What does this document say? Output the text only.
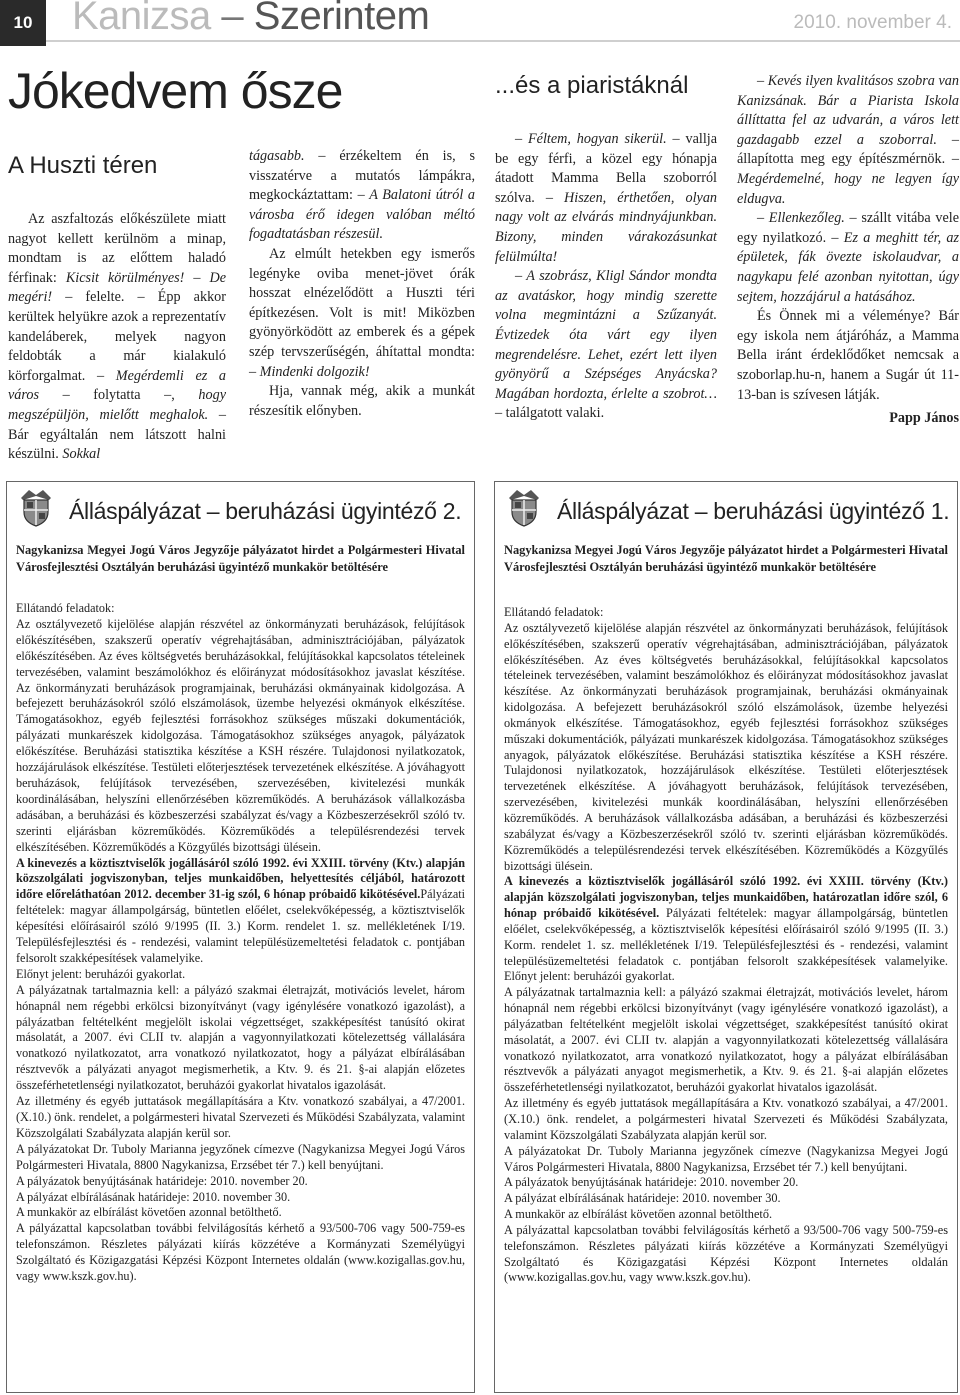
10 Kanizsa – Szerintem	2010. november 4.
Jókedvem ősze
A Huszti téren
...és a piaristáknál

Az aszfaltozás előkészülete miatt nagyot kellett kerülnöm a minap, mondtam is az előttem haladó férfinak: Kicsit körülményes! – De megéri! – felelte. – Épp akkor kerültek helyükre azok a reprezentatív kandeláberek, melyek nagyon feldobták a már kialakuló körforgalmat. – Megérdemli ez a város – folytatta –, hogy megszépüljön, mielőtt meghalok. – Bár egyáltalán nem látszott halni készülni. Sokkal

tágasabb. – érzékeltem én is, s visszatérve a mutatós lámpákra, megkockáztattam: – A Balatoni útról a városba érő idegen valóban méltó fogadtatásban részesül.

Az elmúlt hetekben egy ismerős legényke oviba menet-jövet órák hosszat elnézelődött a Huszti téri építkezésen. Volt is mit! Miközben gyönyörködött az emberek és a gépek szép tervszerűségén, áhítattal mondta: – Mindenki dolgozik!

Hja, vannak még, akik a munkát részesítik előnyben.

– Féltem, hogyan sikerül. – vallja be egy férfi, a közel egy hónapja átadott Mamma Bella szoborról szólva. – Hiszen, érthetően, olyan nagy volt az elvárás mindnyájunkban. Bizony, minden várakozásunkat felülmúlta!

– A szobrász, Kligl Sándor mondta az avatáskor, hogy mindig szerette volna megmintázni a Szűzanyát. Évtizedek óta várt egy ilyen megrendelésre. Lehet, ezért lett ilyen gyönyörű a Szépséges Anyácska? Magában hordozta, érlelte a szobrot… – találgatott valaki.

– Kevés ilyen kvalitásos szobra van Kanizsának. Bár a Piarista Iskola állíttatta fel az udvarán, a város lett gazdagabb ezzel a szoborral. – állapította meg egy építészmérnök. – Megérdemelné, hogy ne legyen így eldugva.

– Ellenkezőleg. – szállt vitába vele egy nyilatkozó. – Ez a meghitt tér, az épületek, fák övezte iskolaudvar, a nagykapu felé azonban nyitottan, úgy sejtem, hozzájárul a hatásához.

És Önnek mi a véleménye? Bár egy iskola nem átjáróház, a Mamma Bella iránt érdeklődőket nemcsak a szoborlap.hu-n, hanem a Sugár út 11-13-ban is szívesen látják.

Papp János

Álláspályázat – beruházási ügyintéző 2.
Nagykanizsa Megyei Jogú Város Jegyzője pályázatot hirdet a Polgármesteri Hivatal Városfejlesztési Osztályán beruházási ügyintéző munkakör betöltésére

Ellátandó feladatok:

Az osztályvezető kijelölése alapján részvétel az önkormányzati beruházások, felújítások előkészítésében, szakszerű operatív végrehajtásában, adminisztrációjában, pályázatok előkészítésében. Az éves költségvetés beruházásokkal, felújításokkal kapcsolatos tételeinek tervezésében, valamint beszámolókhoz és előirányzat módosításokhoz javaslat készítése. Az önkormányzati beruházások programjainak, beruházási okmányainak kidolgozása. A befejezett beruházásokról szóló elszámolások, üzembe helyezési okmányok elkészítése. Támogatásokhoz, egyéb fejlesztési forrásokhoz szükséges műszaki dokumentációk, pályázati munkarészek kidolgozása. Támogatásokhoz szükséges anyagok, pályázatok előkészítése. Beruházási statisztika készítése a KSH részére. Tulajdonosi nyilatkozatok, hozzájárulások elkészítése. Testületi előterjesztések tervezetének elkészítése. A jóváhagyott beruházások, felújítások tervezésében, szervezésében, kivitelezési munkák koordinálásában, helyszíni ellenőrzésében közreműködés. A beruházások vállalkozásba adásában, a beruházási és közbeszerzési szabályzat és/vagy a Közbeszerzésekről szóló tv. szerinti eljárásban közreműködés. Közreműködés a településrendezési tervek elkészítésében. Közreműködés a Közgyűlés bizottsági ülésein.

A kinevezés a köztisztviselők jogállásáról szóló 1992. évi XXIII. törvény (Ktv.) alapján közszolgálati jogviszonyban, teljes munkaidőben, helyettesítés céljából, határozott időre előreláthatóan 2012. december 31-ig szól, 6 hónap próbaidő kikötésével.Pályázati feltételek: magyar állampolgárság, büntetlen előélet, cselekvőképesség, a köztisztviselők képesítési előírásairól szóló 9/1995 (II. 3.) Korm. rendelet 1. sz. mellékletének I/19. Településfejlesztési és - rendezési, valamint településüzemeltetési feladatok c. pontjában felsorolt szakképesítések valamelyike.

Előnyt jelent: beruházói gyakorlat.

A pályázatnak tartalmaznia kell: a pályázó szakmai életrajzát, motivációs levelet, három hónapnál nem régebbi erkölcsi bizonyítványt (vagy igénylésére vonatkozó igazolást), a pályázatban feltételként megjelölt iskolai végzettséget, szakképesítést tanúsító okirat másolatát, a 2007. évi CLII tv. alapján a vagyonnyilatkozati kötelezettség vállalására vonatkozó nyilatkozatot, arra vonatkozó nyilatkozatot, hogy a pályázat elbírálásában résztvevők a pályázati anyagot megismerhetik, a Ktv. 9. és 21. §-ai alapján előzetes összeférhetetlenségi nyilatkozatot, beruházói gyakorlat hivatalos igazolását.

Az illetmény és egyéb juttatások megállapítására a Ktv. vonatkozó szabályai, a 47/2001.(X.10.) önk. rendelet, a polgármesteri hivatal Szervezeti és Működési Szabályzata, valamint Közszolgálati Szabályzata alapján kerül sor.

A pályázatokat Dr. Tuboly Marianna jegyzőnek címezve (Nagykanizsa Megyei Jogú Város Polgármesteri Hivatala, 8800 Nagykanizsa, Erzsébet tér 7.) kell benyújtani.

A pályázatok benyújtásának határideje: 2010. november 20.

A pályázat elbírálásának határideje: 2010. november 30.

A munkakör az elbírálást követően azonnal betölthető.

A pályázattal kapcsolatban további felvilágosítás kérhető a 93/500-706 vagy 500-759-es telefonszámon. Részletes pályázati kiírás közzétéve a Kormányzati Személyügyi Szolgáltató és Közigazgatási Képzési Központ Internetes oldalán (www.kozigallas.gov.hu, vagy www.kszk.gov.hu).

Álláspályázat – beruházási ügyintéző 1.
Nagykanizsa Megyei Jogú Város Jegyzője pályázatot hirdet a Polgármesteri Hivatal Városfejlesztési Osztályán beruházási ügyintéző munkakör betöltésére

Ellátandó feladatok:

Az osztályvezető kijelölése alapján részvétel az önkormányzati beruházások, felújítások előkészítésében, szakszerű operatív végrehajtásában, adminisztrációjában, pályázatok előkészítésében. Az éves költségvetés beruházásokkal, felújításokkal kapcsolatos tételeinek tervezésében, valamint beszámolókhoz és előirányzat módosításokhoz javaslat készítése. Az önkormányzati beruházások programjainak, beruházási okmányainak kidolgozása. A befejezett beruházásokról szóló elszámolások, üzembe helyezési okmányok elkészítése. Támogatásokhoz, egyéb fejlesztési forrásokhoz szükséges műszaki dokumentációk, pályázati munkarészek kidolgozása. Támogatásokhoz szükséges anyagok, pályázatok előkészítése. Beruházási statisztika készítése a KSH részére. Tulajdonosi nyilatkozatok, hozzájárulások elkészítése. Testületi előterjesztések tervezetének elkészítése. A jóváhagyott beruházások, felújítások tervezésében, szervezésében, kivitelezési munkák koordinálásában, helyszíni ellenőrzésében közreműködés. A beruházások vállalkozásba adásában, a beruházási és közbeszerzési szabályzat és/vagy a Közbeszerzésekről szóló tv. szerinti eljárásban közreműködés. Közreműködés a településrendezési tervek elkészítésében. Közreműködés a Közgyűlés bizottsági ülésein.

A kinevezés a köztisztviselők jogállásáról szóló 1992. évi XXIII. törvény (Ktv.) alapján közszolgálati jogviszonyban, teljes munkaidőben, határozatlan időre szól, 6 hónap próbaidő kikötésével. Pályázati feltételek: magyar állampolgárság, büntetlen előélet, cselekvőképesség, a köztisztviselők képesítési előírásairól szóló 9/1995 (II. 3.) Korm. rendelet 1. sz. mellékletének I/19. Településfejlesztési és - rendezési, valamint településüzemeltetési feladatok c. pontjában felsorolt szakképesítések valamelyike. Előnyt jelent: beruházói gyakorlat.

A pályázatnak tartalmaznia kell: a pályázó szakmai életrajzát, motivációs levelet, három hónapnál nem régebbi erkölcsi bizonyítványt (vagy igénylésére vonatkozó igazolást), a pályázatban feltételként megjelölt iskolai végzettséget, szakképesítést tanúsító okirat másolatát, a 2007. évi CLII tv. alapján a vagyonnyilatkozati kötelezettség vállalására vonatkozó nyilatkozatot, arra vonatkozó nyilatkozatot, hogy a pályázat elbírálásában résztvevők a pályázati anyagot megismerhetik, a Ktv. 9. és 21. §-ai alapján előzetes összeférhetetlenségi nyilatkozatot, beruházói gyakorlat hivatalos igazolását.

Az illetmény és egyéb juttatások megállapítására a Ktv. vonatkozó szabályai, a 47/2001.(X.10.) önk. rendelet, a polgármesteri hivatal Szervezeti és Működési Szabályzata, valamint Közszolgálati Szabályzata alapján kerül sor.

A pályázatokat Dr. Tuboly Marianna jegyzőnek címezve (Nagykanizsa Megyei Jogú Város Polgármesteri Hivatala, 8800 Nagykanizsa, Erzsébet tér 7.) kell benyújtani.

A pályázatok benyújtásának határideje: 2010. november 20.

A pályázat elbírálásának határideje: 2010. november 30.

A munkakör az elbírálást követően azonnal betölthető.

A pályázattal kapcsolatban további felvilágosítás kérhető a 93/500-706 vagy 500-759-es telefonszámon. Részletes pályázati kiírás közzétéve a Kormányzati Személyügyi Szolgáltató és Közigazgatási Képzési Központ Internetes oldalán (www.kozigallas.gov.hu, vagy www.kszk.gov.hu).
